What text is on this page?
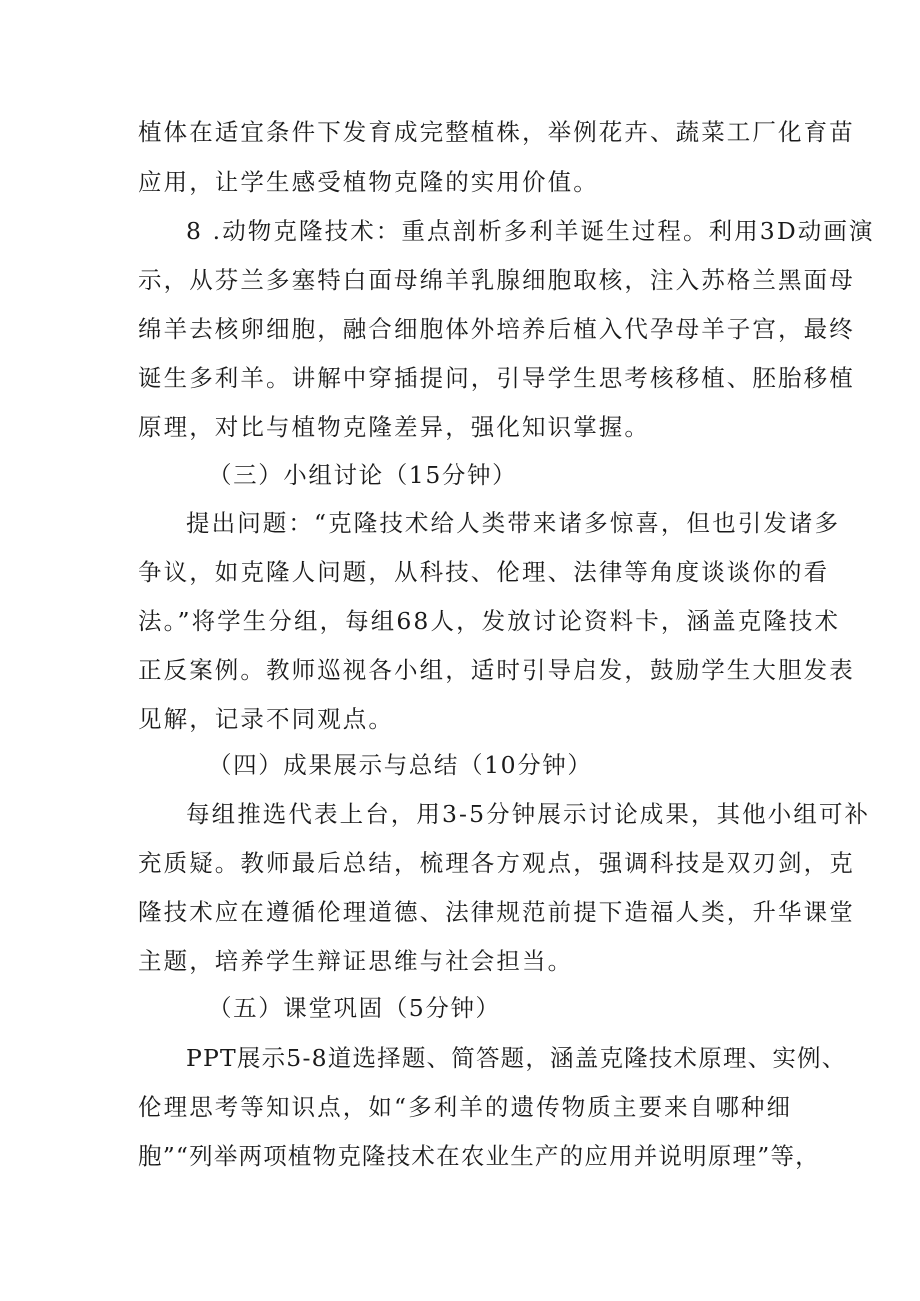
植体在适宜条件下发育成完整植株，举例花卉、蔬菜工厂化育苗
应用，让学生感受植物克隆的实用价值。
8 .动物克隆技术：重点剖析多利羊诞生过程。利用3D动画演
示，从芬兰多塞特白面母绵羊乳腺细胞取核，注入苏格兰黑面母
绵羊去核卵细胞，融合细胞体外培养后植入代孕母羊子宫，最终
诞生多利羊。讲解中穿插提问，引导学生思考核移植、胚胎移植
原理，对比与植物克隆差异，强化知识掌握。
（三）小组讨论（15分钟）
提出问题：“克隆技术给人类带来诸多惊喜，但也引发诸多
争议，如克隆人问题，从科技、伦理、法律等角度谈谈你的看
法。”将学生分组，每组68人，发放讨论资料卡，涵盖克隆技术
正反案例。教师巡视各小组，适时引导启发，鼓励学生大胆发表
见解，记录不同观点。
（四）成果展示与总结（10分钟）
每组推选代表上台，用3-5分钟展示讨论成果，其他小组可补
充质疑。教师最后总结，梳理各方观点，强调科技是双刃剑，克
隆技术应在遵循伦理道德、法律规范前提下造福人类，升华课堂
主题，培养学生辩证思维与社会担当。
（五）课堂巩固（5分钟）
PPT展示5-8道选择题、简答题，涵盖克隆技术原理、实例、
伦理思考等知识点，如“多利羊的遗传物质主要来自哪种细
胞”“列举两项植物克隆技术在农业生产的应用并说明原理”等，
